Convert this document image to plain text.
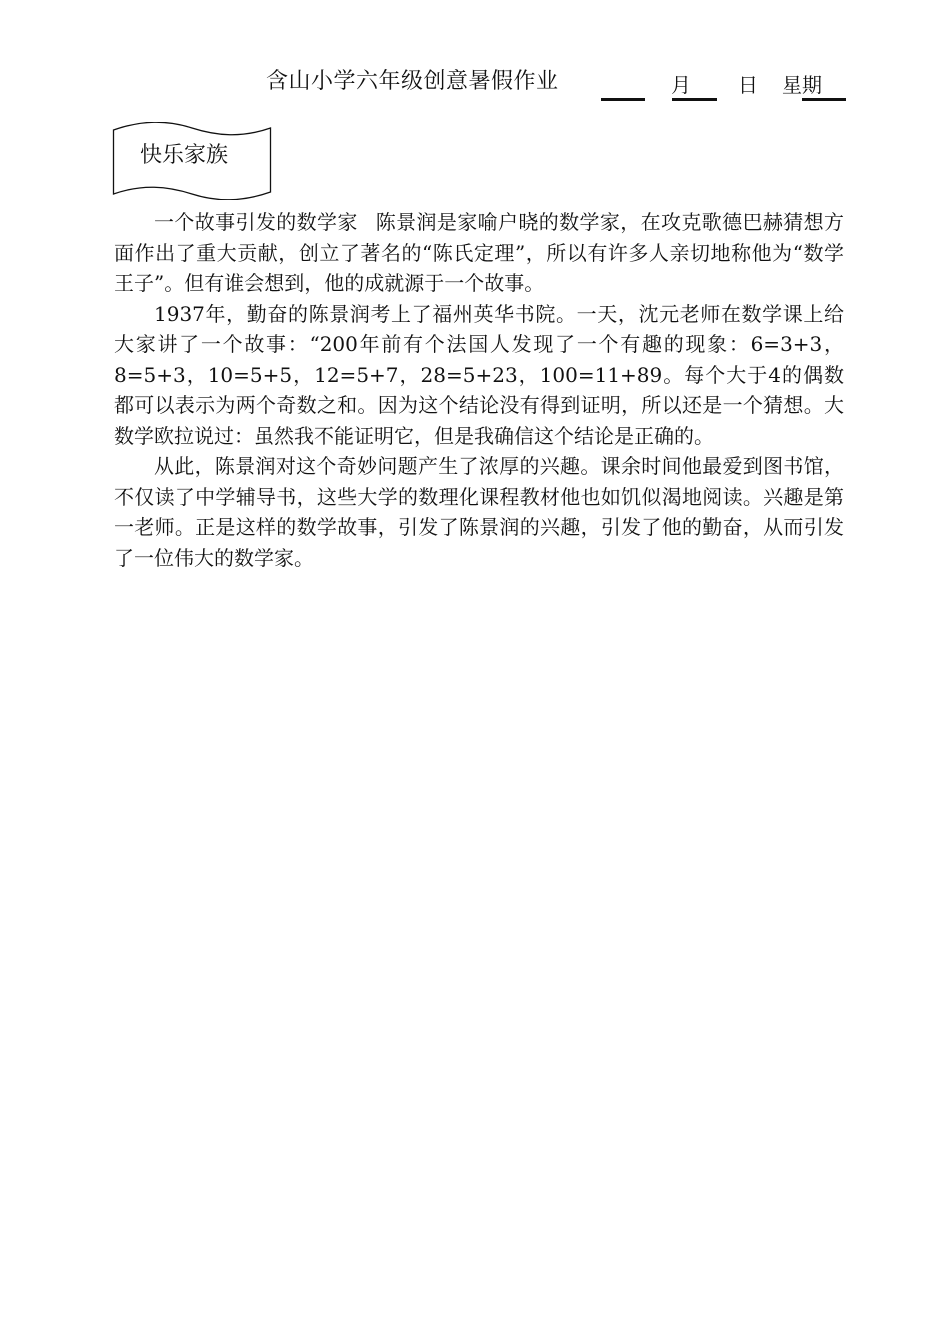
含山小学六年级创意暑假作业	月 日 星期
快乐家族

一个故事引发的数学家 陈景润是家喻户晓的数学家，在攻克歌德巴赫猜想方面作出了重大贡献，创立了著名的“陈氏定理”，所以有许多人亲切地称他为“数学王子”。但有谁会想到，他的成就源于一个故事。

1937年，勤奋的陈景润考上了福州英华书院。一天，沈元老师在数学课上给大家讲了一个故事：“200年前有个法国人发现了一个有趣的现象：6=3+3，8=5+3，10=5+5，12=5+7，28=5+23，100=11+89。每个大于4的偶数都可以表示为两个奇数之和。因为这个结论没有得到证明，所以还是一个猜想。大数学欧拉说过：虽然我不能证明它，但是我确信这个结论是正确的。

从此，陈景润对这个奇妙问题产生了浓厚的兴趣。课余时间他最爱到图书馆，不仅读了中学辅导书，这些大学的数理化课程教材他也如饥似渴地阅读。兴趣是第一老师。正是这样的数学故事，引发了陈景润的兴趣，引发了他的勤奋，从而引发了一位伟大的数学家。
